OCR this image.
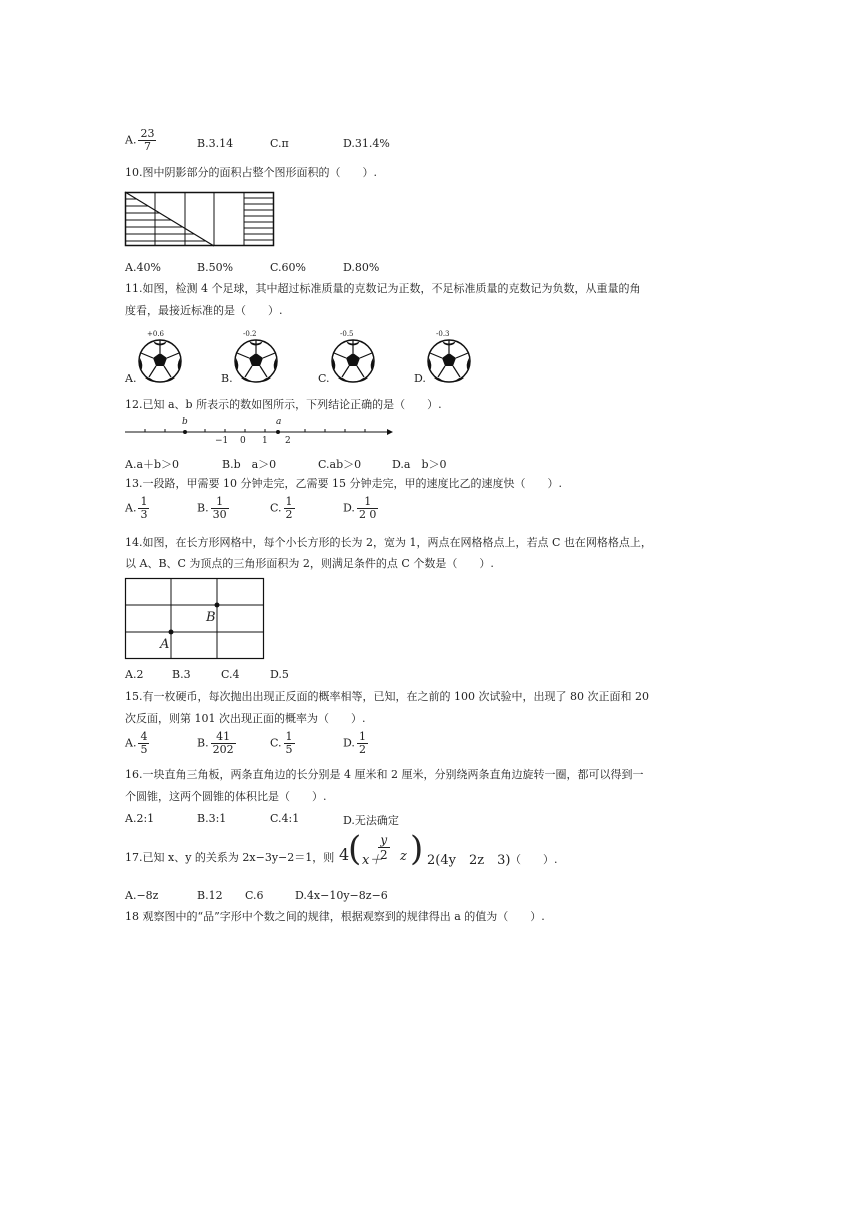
A. $\frac{23}{7}$	B.3.14	C.π	D.31.4%
10.图中阴影部分的面积占整个图形面积的（　　）.
A.40%	B.50%	C.60%	D.80%
11.如图，检测 4 个足球，其中超过标准质量的克数记为正数，不足标准质量的克数记为负数，从重量的角
度看，最接近标准的是（　　）.
A.
+0.6
B.
-0.2
C.
-0.5
D.
-0.3
12.已知 a、b 所表示的数如图所示，下列结论正确的是（　　）.
b	a
−1 0 1 2
A.a＋b＞0	B.b　a＞0	C.ab＞0	D.a　b＞0
13.一段路，甲需要 10 分钟走完，乙需要 15 分钟走完，甲的速度比乙的速度快（　　）.
A. $\frac{1}{3}$	B. $\frac{1}{30}$	C. $\frac{1}{2}$	D. $\frac{1}{2 0}$
14.如图，在长方形网格中，每个小长方形的长为 2，宽为 1，两点在网格格点上，若点 C 也在网格格点上，
以 A、B、C 为顶点的三角形面积为 2，则满足条件的点 C 个数是（　　）.
A
B
A.2	B.3	C.4	D.5
15.有一枚硬币，每次抛出出现正反面的概率相等，已知，在之前的 100 次试验中，出现了 80 次正面和 20
次反面，则第 101 次出现正面的概率为（　　）.
A. $\frac{4}{5}$	B. $\frac{41}{202}$	C. $\frac{1}{5}$	D. $\frac{1}{2}$
16.一块直角三角板，两条直角边的长分别是 4 厘米和 2 厘米，分别绕两条直角边旋转一圈，都可以得到一
个圆锥，这两个圆锥的体积比是（　　）.
A.2:1	B.3:1	C.4:1	D.无法确定
17.已知 x、y 的关系为 2x−3y−2＝1，则 4
( x＋
$\frac{y}{2}$ z ) 2(4y　2z　3) （　　）.
A.−8z	B.12 C.6	D.4x−10y−8z−6
18 观察图中的“品”字形中个数之间的规律，根据观察到的规律得出 a 的值为（　　）.
